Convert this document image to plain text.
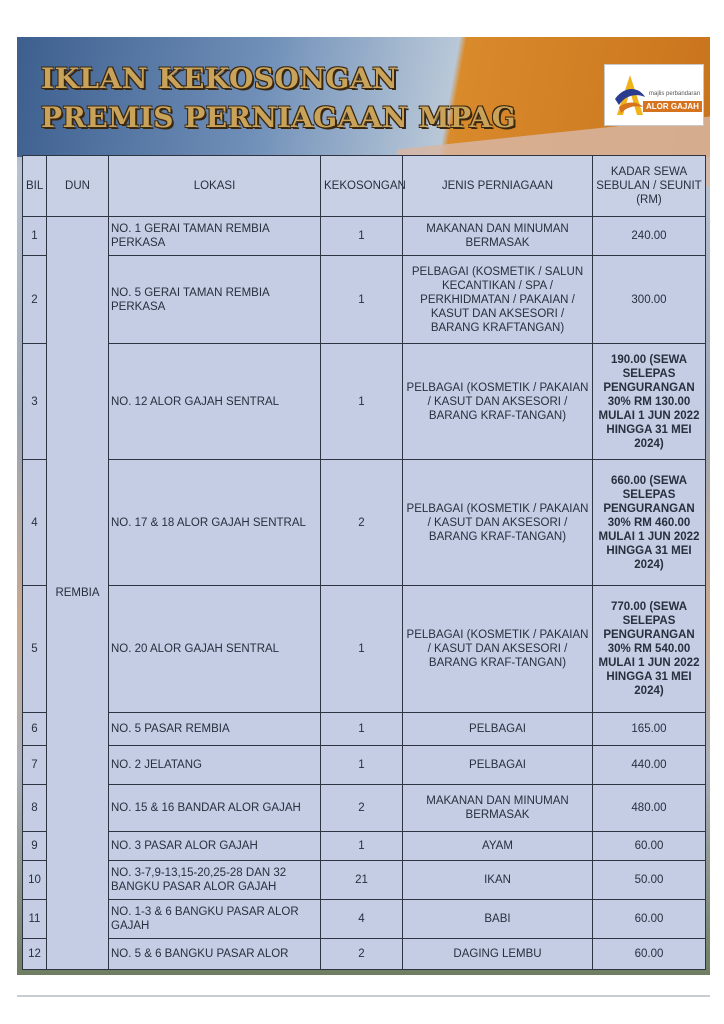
IKLAN KEKOSONGAN
PREMIS PERNIAGAAN MPAG
majlis perbandaran
ALOR GAJAH
BIL	DUN	LOKASI	KEKOSONGAN	JENIS PERNIAGAAN	KADAR SEWA SEBULAN / SEUNIT (RM)
1	REMBIA	NO. 1 GERAI TAMAN REMBIA PERKASA	1	MAKANAN DAN MINUMAN BERMASAK	240.00
2		NO. 5 GERAI TAMAN REMBIA PERKASA	1	PELBAGAI (KOSMETIK / SALUN KECANTIKAN / SPA / PERKHIDMATAN / PAKAIAN / KASUT DAN AKSESORI / BARANG KRAFTANGAN)	300.00
3		NO. 12 ALOR GAJAH SENTRAL	1	PELBAGAI (KOSMETIK / PAKAIAN / KASUT DAN AKSESORI / BARANG KRAF-TANGAN)	190.00 (SEWA SELEPAS PENGURANGAN 30% RM 130.00 MULAI 1 JUN 2022 HINGGA 31 MEI 2024)
4		NO. 17 & 18 ALOR GAJAH SENTRAL	2	PELBAGAI (KOSMETIK / PAKAIAN / KASUT DAN AKSESORI / BARANG KRAF-TANGAN)	660.00 (SEWA SELEPAS PENGURANGAN 30% RM 460.00 MULAI 1 JUN 2022 HINGGA 31 MEI 2024)
5		NO. 20 ALOR GAJAH SENTRAL	1	PELBAGAI (KOSMETIK / PAKAIAN / KASUT DAN AKSESORI / BARANG KRAF-TANGAN)	770.00 (SEWA SELEPAS PENGURANGAN 30% RM 540.00 MULAI 1 JUN 2022 HINGGA 31 MEI 2024)
6		NO. 5 PASAR REMBIA	1	PELBAGAI	165.00
7		NO. 2 JELATANG	1	PELBAGAI	440.00
8		NO. 15 & 16 BANDAR ALOR GAJAH	2	MAKANAN DAN MINUMAN BERMASAK	480.00
9		NO. 3 PASAR ALOR GAJAH	1	AYAM	60.00
10		NO. 3-7,9-13,15-20,25-28 DAN 32 BANGKU PASAR ALOR GAJAH	21	IKAN	50.00
11		NO. 1-3 & 6 BANGKU PASAR ALOR GAJAH	4	BABI	60.00
12		NO. 5 & 6 BANGKU PASAR ALOR	2	DAGING LEMBU	60.00
